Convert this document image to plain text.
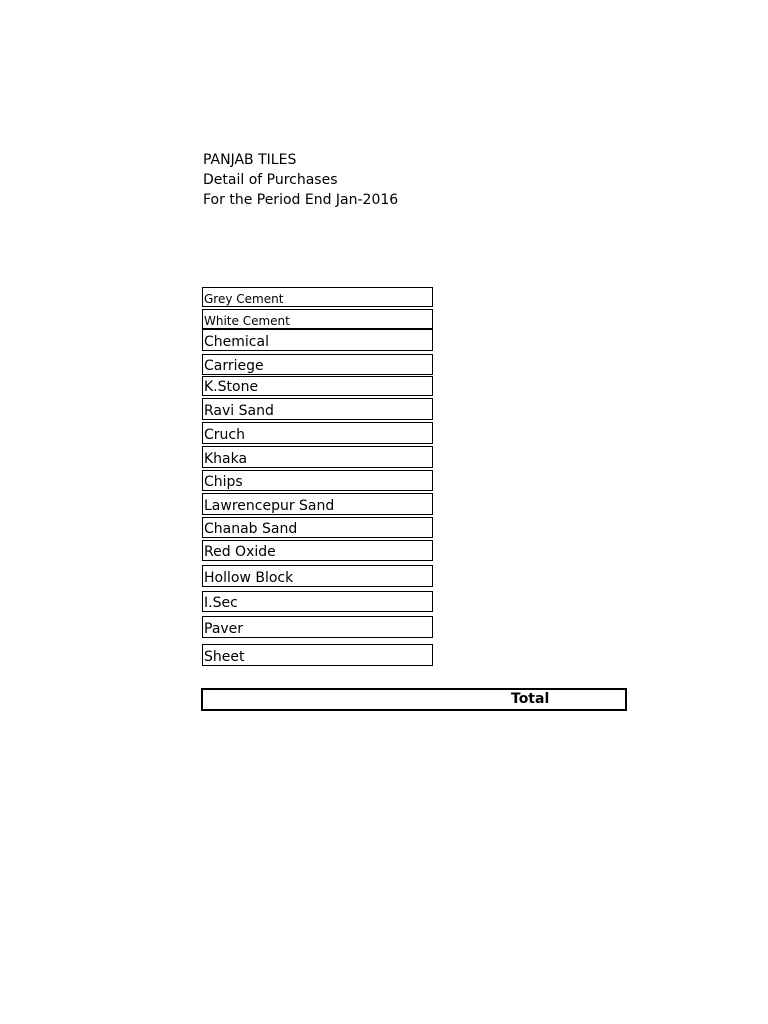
PANJAB TILES
Detail of Purchases
For the Period End Jan-2016
Grey Cement
White Cement
Chemical
Carriege
K.Stone
Ravi Sand
Cruch
Khaka
Chips
Lawrencepur Sand
Chanab Sand
Red Oxide
Hollow Block
I.Sec
Paver
Sheet
Total
